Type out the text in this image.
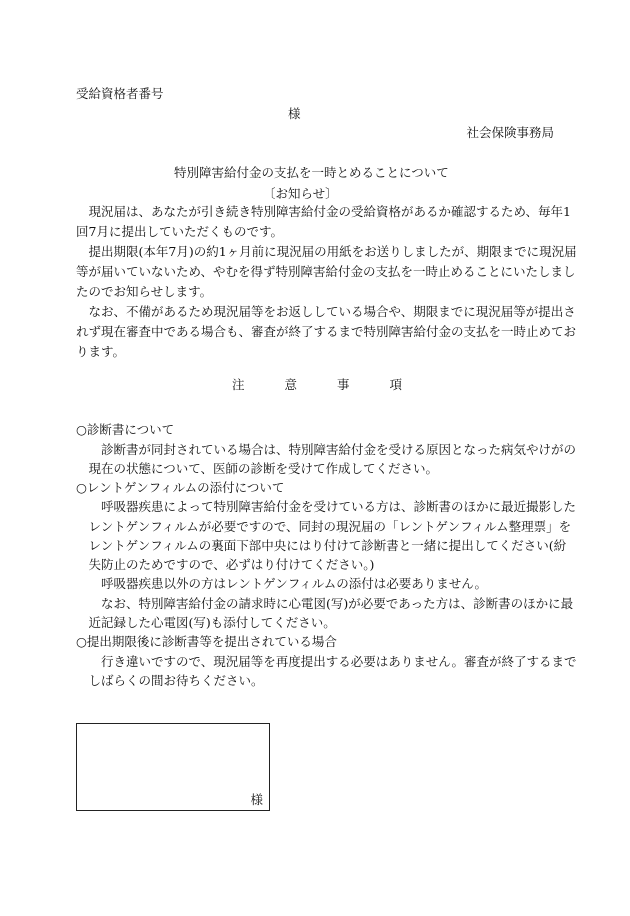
受給資格者番号

様

社会保険事務局

特別障害給付金の支払を一時とめることについて

〔お知らせ〕

　現況届は、あなたが引き続き特別障害給付金の受給資格があるか確認するため、毎年1

回7月に提出していただくものです。

　提出期限(本年7月)の約1ヶ月前に現況届の用紙をお送りしましたが、期限までに現況届

等が届いていないため、やむを得ず特別障害給付金の支払を一時止めることにいたしまし

たのでお知らせします。

　なお、不備があるため現況届等をお返ししている場合や、期限までに現況届等が提出さ

れず現在審査中である場合も、審査が終了するまで特別障害給付金の支払を一時止めてお

ります。

注	意	事	項

○診断書について

　　診断書が同封されている場合は、特別障害給付金を受ける原因となった病気やけがの

　現在の状態について、医師の診断を受けて作成してください。

○レントゲンフィルムの添付について

　　呼吸器疾患によって特別障害給付金を受けている方は、診断書のほかに最近撮影した

　レントゲンフィルムが必要ですので、同封の現況届の「レントゲンフィルム整理票」を

　レントゲンフィルムの裏面下部中央にはり付けて診断書と一緒に提出してください(紛

　失防止のためですので、必ずはり付けてください。)

　　呼吸器疾患以外の方はレントゲンフィルムの添付は必要ありません。

　　なお、特別障害給付金の請求時に心電図(写)が必要であった方は、診断書のほかに最

　近記録した心電図(写)も添付してください。

○提出期限後に診断書等を提出されている場合

　　行き違いですので、現況届等を再度提出する必要はありません。審査が終了するまで

　しばらくの間お待ちください。

様
